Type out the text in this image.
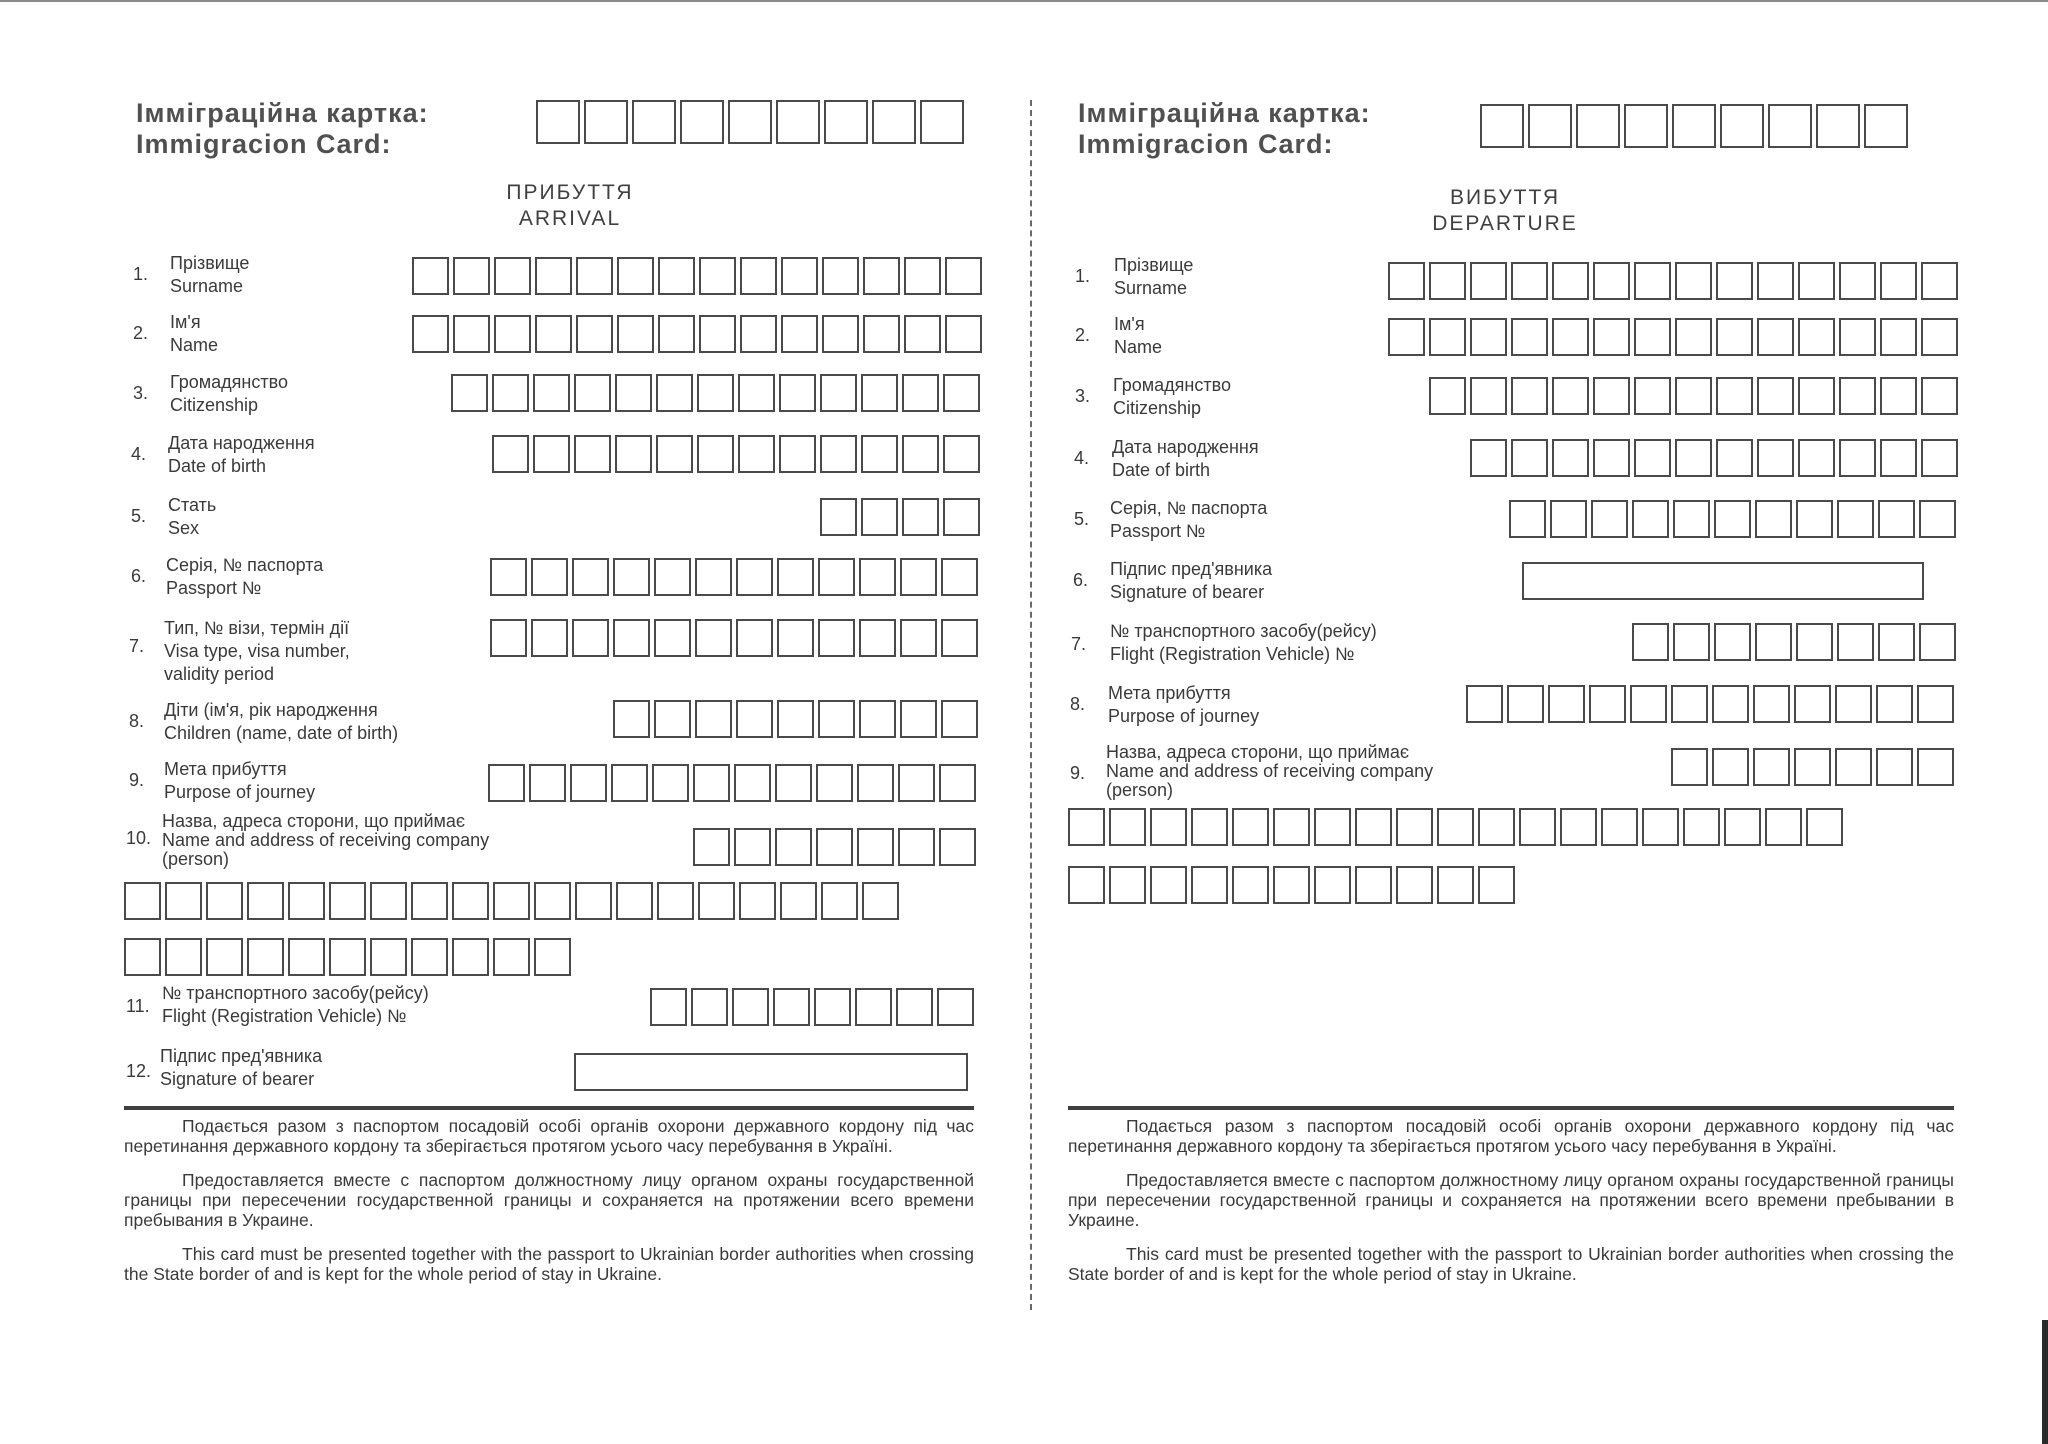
Імміграційна картка:
Immigracion Card:
ПРИБУТТЯ
ARRIVAL
1.
Прізвище
Surname
2.
Ім'я
Name
3.
Громадянство
Citizenship
4.
Дата народження
Date of birth
5.
Стать
Sex
6.
Серія, № паспорта
Passport №
7.
Тип, № візи, термін дії
Visa type, visa number,
validity period
8.
Діти (ім'я, рік народження
Children (name, date of birth)
9.
Мета прибуття
Purpose of journey
10.
Назва, адреса сторони, що приймає
Name and address of receiving company
(person)
11.
№ транспортного засобу(рейсу)
Flight (Registration Vehicle) №
12.
Підпис пред'явника
Signature of bearer

Подається разом з паспортом посадовій особі органів охорони державного кордону під час перетинання державного кордону та зберігається протягом усього часу перебування в Україні.

Предоставляется вместе с паспортом должностному лицу органом охраны государственной границы при пересечении государственной границы и сохраняется на протяжении всего времени пребывания в Украине.

This card must be presented together with the passport to Ukrainian border authorities when crossing the State border of and is kept for the whole period of stay in Ukraine.

Імміграційна картка:
Immigracion Card:
ВИБУТТЯ
DEPARTURE
1.
Прізвище
Surname
2.
Ім'я
Name
3.
Громадянство
Citizenship
4.
Дата народження
Date of birth
5.
Серія, № паспорта
Passport №
6.
Підпис пред'явника
Signature of bearer
7.
№ транспортного засобу(рейсу)
Flight (Registration Vehicle) №
8.
Мета прибуття
Purpose of journey
9.
Назва, адреса сторони, що приймає
Name and address of receiving company
(person)

Подається разом з паспортом посадовій особі органів охорони державного кордону під час перетинання державного кордону та зберігається протягом усього часу перебування в Україні.

Предоставляется вместе с паспортом должностному лицу органом охраны государственной границы при пересечении государственной границы и сохраняется на протяжении всего времени пребывании в Украине.

This card must be presented together with the passport to Ukrainian border authorities when crossing the State border of and is kept for the whole period of stay in Ukraine.
